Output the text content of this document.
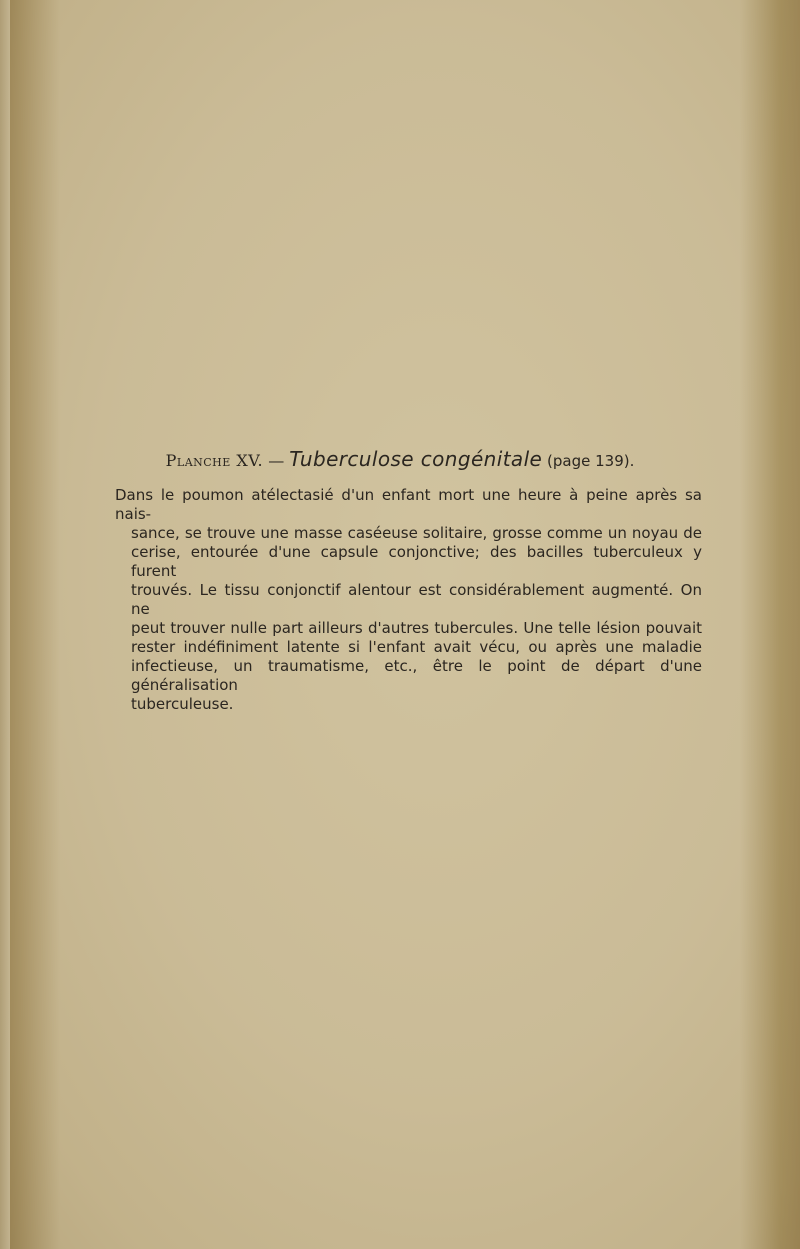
Planche XV. — Tuberculose congénitale (page 139).
Dans le poumon atélectasié d'un enfant mort une heure à peine après sa nais-
sance, se trouve une masse caséeuse solitaire, grosse comme un noyau de
cerise, entourée d'une capsule conjonctive; des bacilles tuberculeux y furent
trouvés. Le tissu conjonctif alentour est considérablement augmenté. On ne
peut trouver nulle part ailleurs d'autres tubercules. Une telle lésion pouvait
rester indéfiniment latente si l'enfant avait vécu, ou après une maladie
infectieuse, un traumatisme, etc., être le point de départ d'une généralisation
tuberculeuse.
